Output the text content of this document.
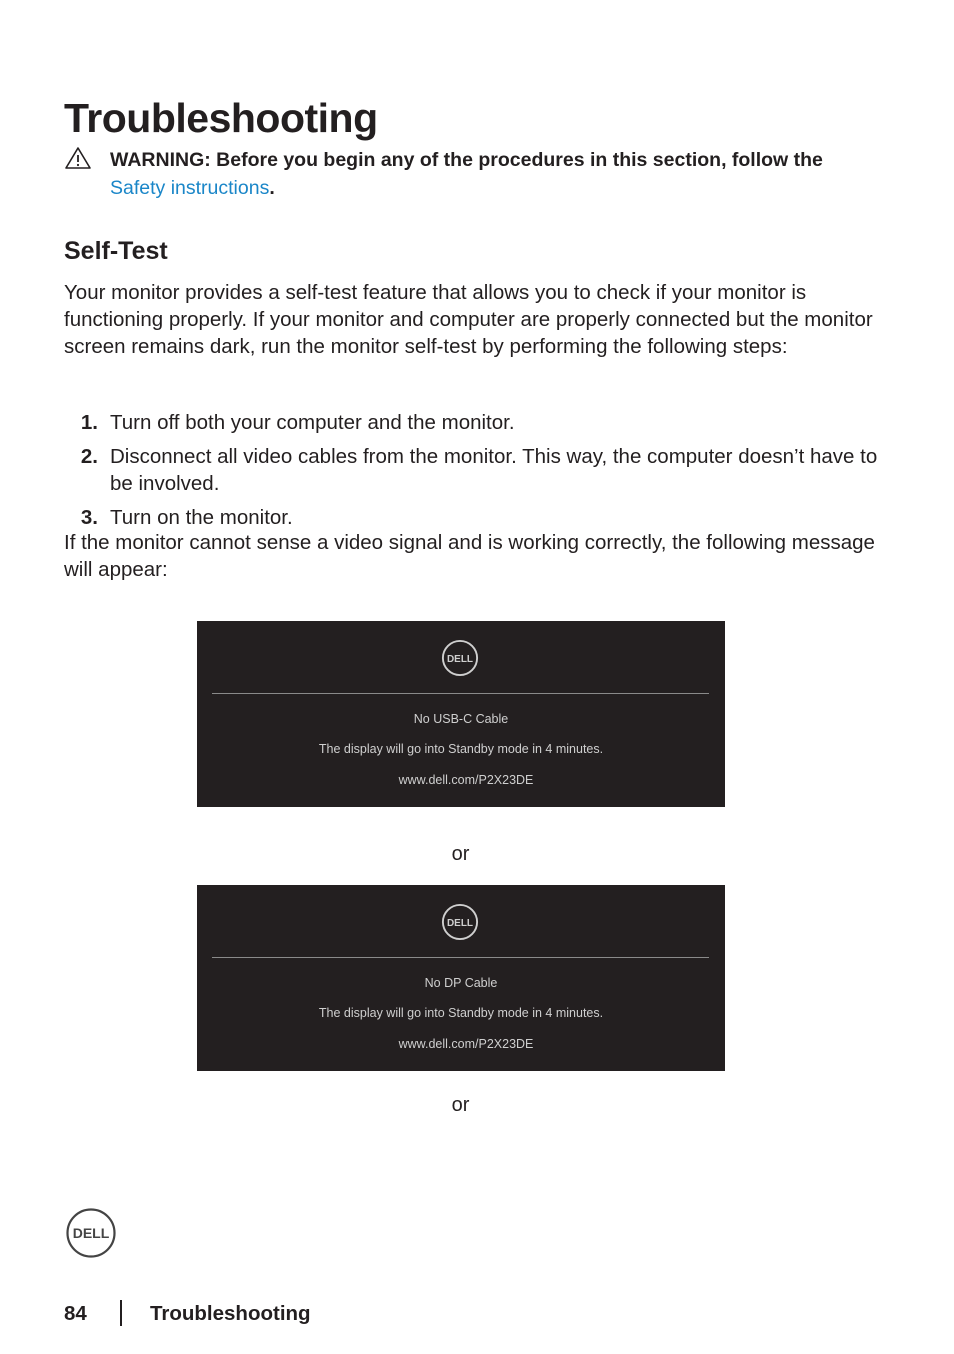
Troubleshooting
WARNING: Before you begin any of the procedures in this section, follow the Safety instructions.
Self-Test
Your monitor provides a self-test feature that allows you to check if your monitor is functioning properly. If your monitor and computer are properly connected but the monitor screen remains dark, run the monitor self-test by performing the following steps:
1. Turn off both your computer and the monitor.
2. Disconnect all video cables from the monitor. This way, the computer doesn’t have to be involved.
3. Turn on the monitor.
If the monitor cannot sense a video signal and is working correctly, the following message will appear:
DELL
No USB-C Cable
The display will go into Standby mode in 4 minutes.
www.dell.com/P2X23DE
or
DELL
No DP Cable
The display will go into Standby mode in 4 minutes.
www.dell.com/P2X23DE
or
DELL
84	Troubleshooting
